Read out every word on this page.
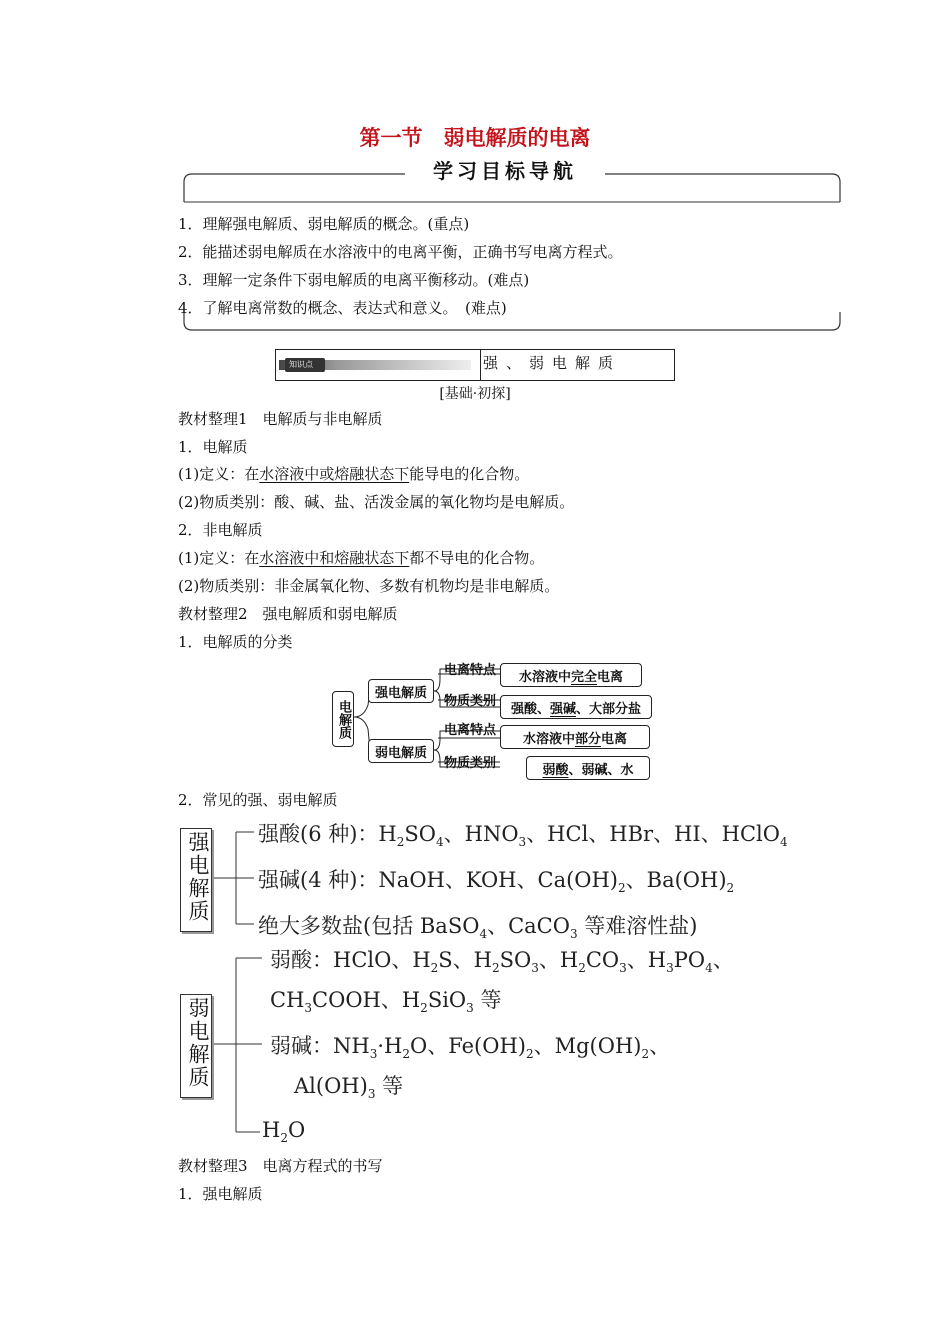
第一节　弱电解质的电离
学习目标导航
1．理解强电解质、弱电解质的概念。(重点)
2．能描述弱电解质在水溶液中的电离平衡，正确书写电离方程式。
3．理解一定条件下弱电解质的电离平衡移动。(难点)
4．了解电离常数的概念、表达式和意义。　(难点)
知识点	强、弱电解质
[基础·初探]
教材整理1　电解质与非电解质
1．电解质
(1)定义：在水溶液中或熔融状态下能导电的化合物。
(2)物质类别：酸、碱、盐、活泼金属的氧化物均是电解质。
2．非电解质
(1)定义：在水溶液中和熔融状态下都不导电的化合物。
(2)物质类别：非金属氧化物、多数有机物均是非电解质。
教材整理2　强电解质和弱电解质
1．电解质的分类
电解质
强电解质
弱电解质
电离特点
物质类别
电离特点
物质类别
水溶液中 完全 电离
强酸、 强碱 、大部分盐
水溶液中 部分 电离
弱酸 、弱碱、水
2．常见的强、弱电解质
强电解质 强酸(6 种)：$H_2SO_4$、$HNO_3$、HCl、HBr、HI、HClO$_4$
强碱(4 种)：NaOH、KOH、$Ca(OH)_2$、$Ba(OH)_2$
绝大多数盐(包括 BaSO$_4$、CaCO$_3$ 等难溶性盐)
弱电解质
弱酸：HClO、$H_2S$、$H_2SO_3$、$H_2CO_3$、$H_3PO_4$、
$CH_3COOH$、$H_2SiO_3$ 等
弱碱：$NH_3\cdot H_2O$、$Fe(OH)_2$、$Mg(OH)_2$、
$Al(OH)_3$ 等
$H_2O$
教材整理3　电离方程式的书写
1．强电解质
